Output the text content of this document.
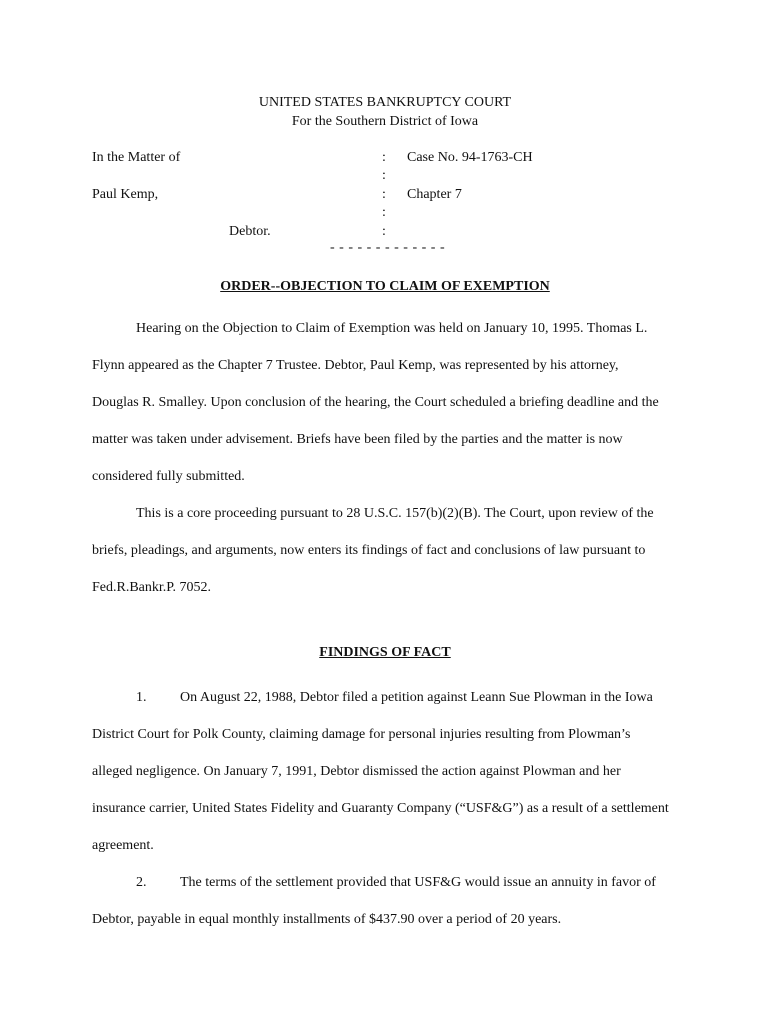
UNITED STATES BANKRUPTCY COURT
For the Southern District of Iowa
In the Matter of
Paul Kemp,
Debtor.
:
:
:
:
:
Case No. 94-1763-CH
Chapter 7
- - - - - - - - - - - - -
ORDER--OBJECTION TO CLAIM OF EXEMPTION
Hearing on the Objection to Claim of Exemption was held on January 10, 1995. Thomas L.
Flynn appeared as the Chapter 7 Trustee. Debtor, Paul Kemp, was represented by his attorney,
Douglas R. Smalley. Upon conclusion of the hearing, the Court scheduled a briefing deadline and the
matter was taken under advisement. Briefs have been filed by the parties and the matter is now
considered fully submitted.
This is a core proceeding pursuant to 28 U.S.C. 157(b)(2)(B). The Court, upon review of the
briefs, pleadings, and arguments, now enters its findings of fact and conclusions of law pursuant to
Fed.R.Bankr.P. 7052.
FINDINGS OF FACT
1. On August 22, 1988, Debtor filed a petition against Leann Sue Plowman in the Iowa
District Court for Polk County, claiming damage for personal injuries resulting from Plowman’s
alleged negligence. On January 7, 1991, Debtor dismissed the action against Plowman and her
insurance carrier, United States Fidelity and Guaranty Company (“USF&G”) as a result of a settlement
agreement.
2. The terms of the settlement provided that USF&G would issue an annuity in favor of
Debtor, payable in equal monthly installments of $437.90 over a period of 20 years.
